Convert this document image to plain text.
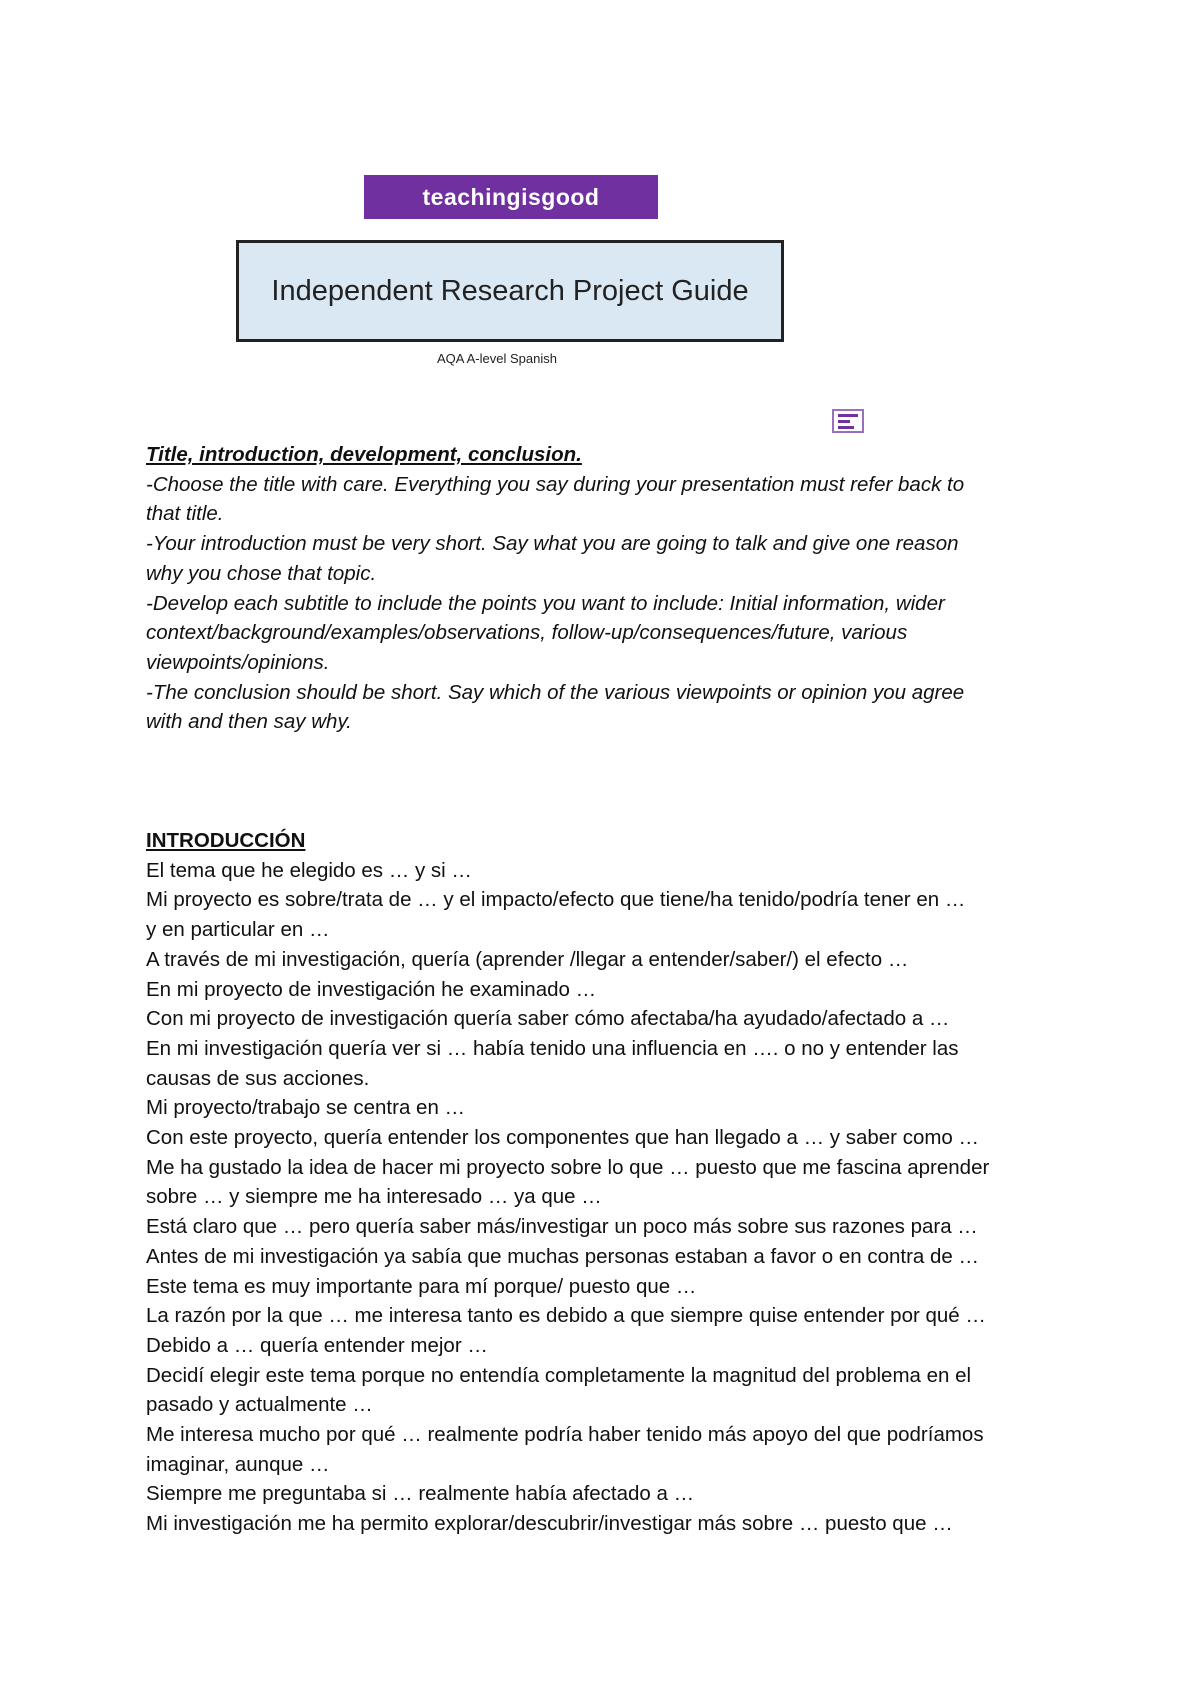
teachingisgood
Independent Research Project Guide
AQA A-level Spanish
Title, introduction, development, conclusion.
-Choose the title with care. Everything you say during your presentation must refer back to
that title.
-Your introduction must be very short. Say what you are going to talk and give one reason
why you chose that topic.
-Develop each subtitle to include the points you want to include: Initial information, wider
context/background/examples/observations, follow-up/consequences/future, various
viewpoints/opinions.
-The conclusion should be short. Say which of the various viewpoints or opinion you agree
with and then say why.
INTRODUCCIÓN
El tema que he elegido es … y si …
Mi proyecto es sobre/trata de … y el impacto/efecto que tiene/ha tenido/podría tener en …
y en particular en …
A través de mi investigación, quería (aprender /llegar a entender/saber/) el efecto …
En mi proyecto de investigación he examinado …
Con mi proyecto de investigación quería saber cómo afectaba/ha ayudado/afectado a …
En mi investigación quería ver si … había tenido una influencia en …. o no y entender las
causas de sus acciones.
Mi proyecto/trabajo se centra en …
Con este proyecto, quería entender los componentes que han llegado a … y saber como …
Me ha gustado la idea de hacer mi proyecto sobre lo que … puesto que me fascina aprender
sobre … y siempre me ha interesado … ya que …
Está claro que … pero quería saber más/investigar un poco más sobre sus razones para …
Antes de mi investigación ya sabía que muchas personas estaban a favor o en contra de …
Este tema es muy importante para mí porque/ puesto que …
La razón por la que … me interesa tanto es debido a que siempre quise entender por qué …
Debido a … quería entender mejor …
Decidí elegir este tema porque no entendía completamente la magnitud del problema en el
pasado y actualmente …
Me interesa mucho por qué … realmente podría haber tenido más apoyo del que podríamos
imaginar, aunque …
Siempre me preguntaba si … realmente había afectado a …
Mi investigación me ha permito explorar/descubrir/investigar más sobre … puesto que …
